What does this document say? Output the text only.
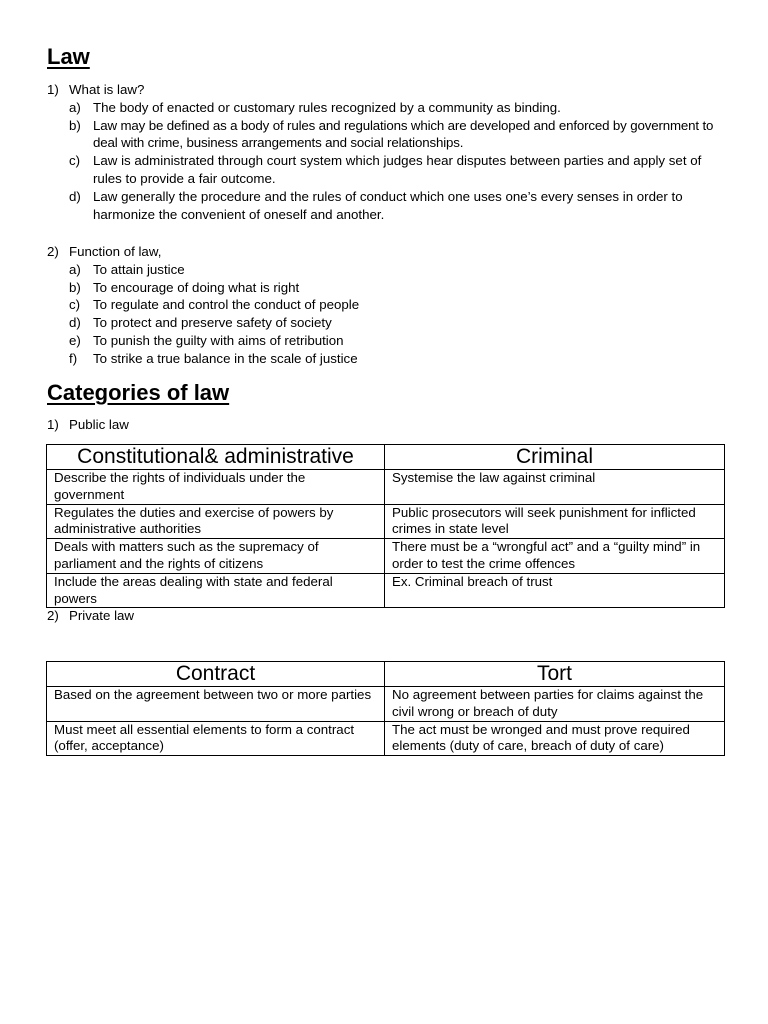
Law
1) What is law?
a) The body of enacted or customary rules recognized by a community as binding.
b) Law may be defined as a body of rules and regulations which are developed and enforced by government to deal with crime, business arrangements and social relationships.
c) Law is administrated through court system which judges hear disputes between parties and apply set of rules to provide a fair outcome.
d) Law generally the procedure and the rules of conduct which one uses one’s every senses in order to harmonize the convenient of oneself and another.
2) Function of law,
a) To attain justice
b) To encourage of doing what is right
c) To regulate and control the conduct of people
d) To protect and preserve safety of society
e) To punish the guilty with aims of retribution
f)	To strike a true balance in the scale of justice
Categories of law
1) Public law
Constitutional& administrative	Criminal
Describe the rights of individuals under the government	Systemise the law against criminal
Regulates the duties and exercise of powers by administrative authorities	Public prosecutors will seek punishment for inflicted crimes in state level
Deals with matters such as the supremacy of parliament and the rights of citizens	There must be a “wrongful act” and a “guilty mind” in order to test the crime offences
Include the areas dealing with state and federal powers	Ex. Criminal breach of trust
2) Private law
Contract	Tort
Based on the agreement between two or more parties	No agreement between parties for claims against the civil wrong or breach of duty
Must meet all essential elements to form a contract (offer, acceptance)	The act must be wronged and must prove required elements (duty of care, breach of duty of care)
